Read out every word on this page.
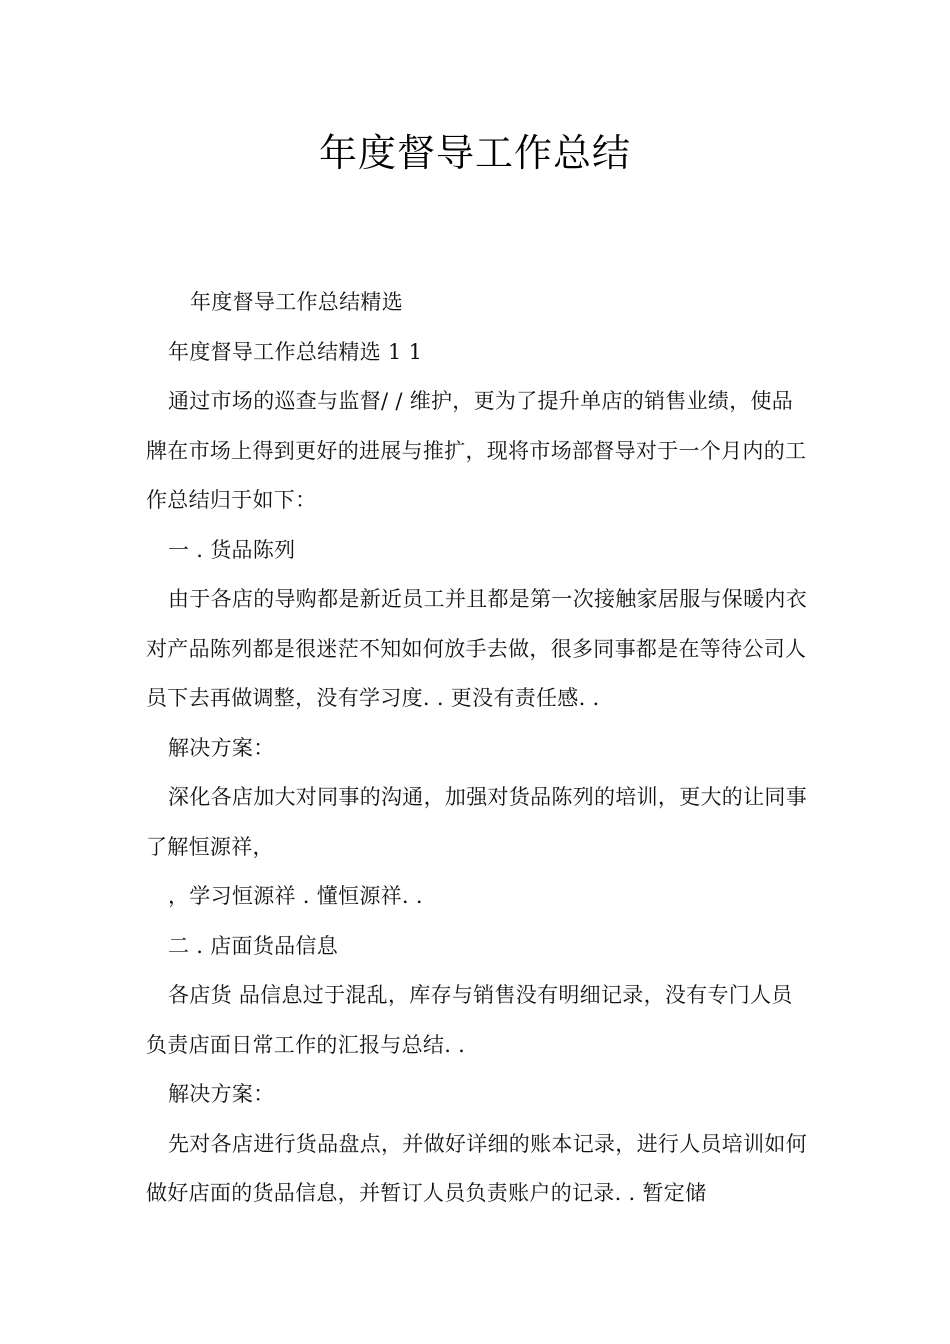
年度督导工作总结

年度督导工作总结精选

年度督导工作总结精选 1 1

通过市场的巡查与监督/ / 维护，更为了提升单店的销售业绩，使品牌在市场上得到更好的进展与推扩，现将市场部督导对于一个月内的工作总结归于如下：

一 . 货品陈列

由于各店的导购都是新近员工并且都是第一次接触家居服与保暖内衣对产品陈列都是很迷茫不知如何放手去做，很多同事都是在等待公司人员下去再做调整，没有学习度. . 更没有责任感. .

解决方案：

深化各店加大对同事的沟通，加强对货品陈列的培训，更大的让同事了解恒源祥，

，学习恒源祥 . 懂恒源祥. .

二 . 店面货品信息

各店货 品信息过于混乱，库存与销售没有明细记录，没有专门人员负责店面日常工作的汇报与总结. .

解决方案：

先对各店进行货品盘点，并做好详细的账本记录，进行人员培训如何做好店面的货品信息，并暂订人员负责账户的记录. . 暂定储
